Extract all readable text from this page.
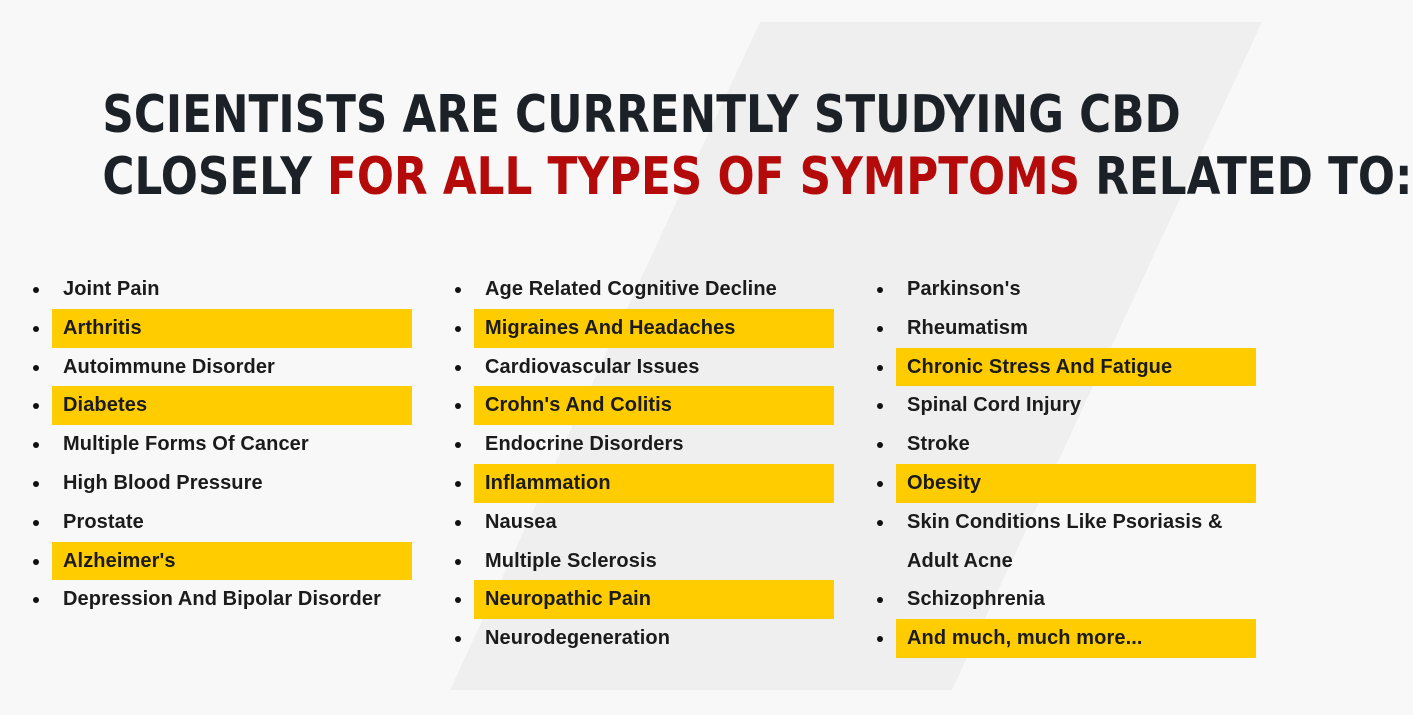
SCIENTISTS ARE CURRENTLY STUDYING CBD
CLOSELY FOR ALL TYPES OF SYMPTOMS RELATED TO:
Joint Pain
Arthritis
Autoimmune Disorder
Diabetes
Multiple Forms Of Cancer
High Blood Pressure
Prostate
Alzheimer's
Depression And Bipolar Disorder
Age Related Cognitive Decline
Migraines And Headaches
Cardiovascular Issues
Crohn's And Colitis
Endocrine Disorders
Inflammation
Nausea
Multiple Sclerosis
Neuropathic Pain
Neurodegeneration
Parkinson's
Rheumatism
Chronic Stress And Fatigue
Spinal Cord Injury
Stroke
Obesity
Skin Conditions Like Psoriasis &
Adult Acne
Schizophrenia
And much, much more...
